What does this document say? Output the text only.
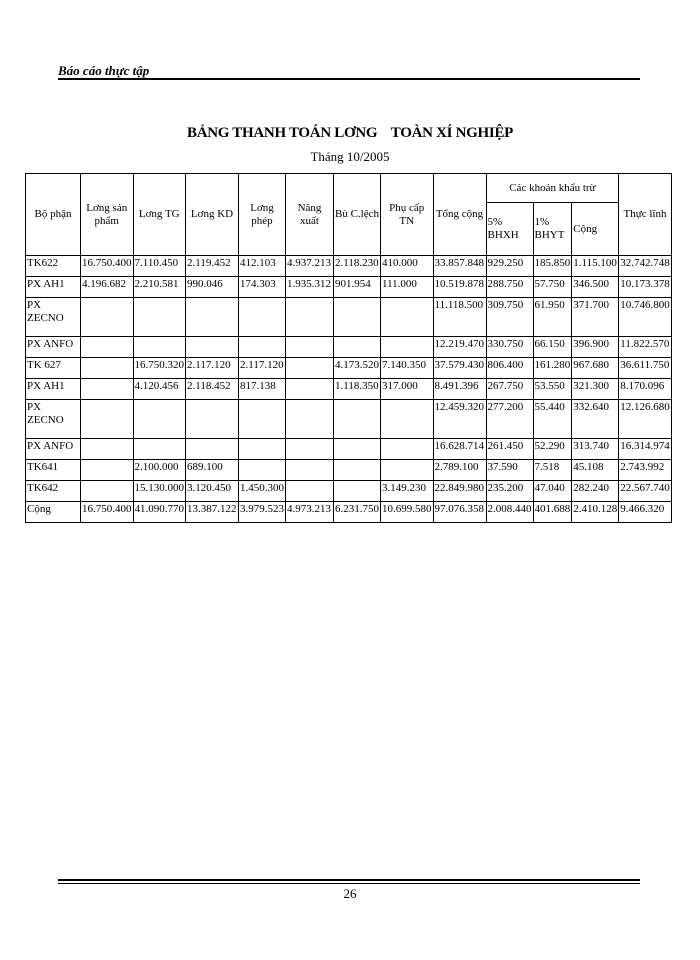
Báo cáo thực tập
BẢNG THANH TOÁN LƠNG    TOÀN XÍ NGHIỆP
Tháng 10/2005
Bộ phận	Lơng sản phẩm	Lơng TG	Lơng KD	Lơng phép	Năng xuất	Bù C.lệch	Phụ cấp TN	Tổng cộng	Các khoản khấu trừ			Thực lĩnh
									5% BHXH	1% BHYT	Cộng	
TK622	16.750.400	7.110.450	2.119.452	412.103	4.937.213	2.118.230	410.000	33.857.848	929.250	185.850	1.115.100	32.742.748
PX AH1	4.196.682	2.210.581	990.046	174.303	1.935.312	901.954	111.000	10.519.878	288.750	57.750	346.500	10.173.378
PX ZECNO								11.118.500	309.750	61.950	371.700	10.746.800
PX ANFO								12.219.470	330.750	66.150	396.900	11.822.570
TK 627		16.750.320	2.117.120	2.117.120		4.173.520	7.140.350	37.579.430	806.400	161.280	967.680	36.611.750
PX AH1		4.120.456	2.118.452	817.138		1.118.350	317.000	8.491.396	267.750	53.550	321.300	8.170.096
PX ZECNO								12.459.320	277.200	55.440	332.640	12.126.680
PX ANFO								16.628.714	261.450	52.290	313.740	16.314.974
TK641		2.100.000	689.100					2.789.100	37.590	7.518	45.108	2.743.992
TK642		15.130.000	3.120.450	1.450.300			3.149.230	22.849.980	235.200	47.040	282.240	22.567.740
Cộng	16.750.400	41.090.770	13.387.122	3.979.523	4.973.213	6.231.750	10.699.580	97.076.358	2.008.440	401.688	2.410.128	9.466.320
26
